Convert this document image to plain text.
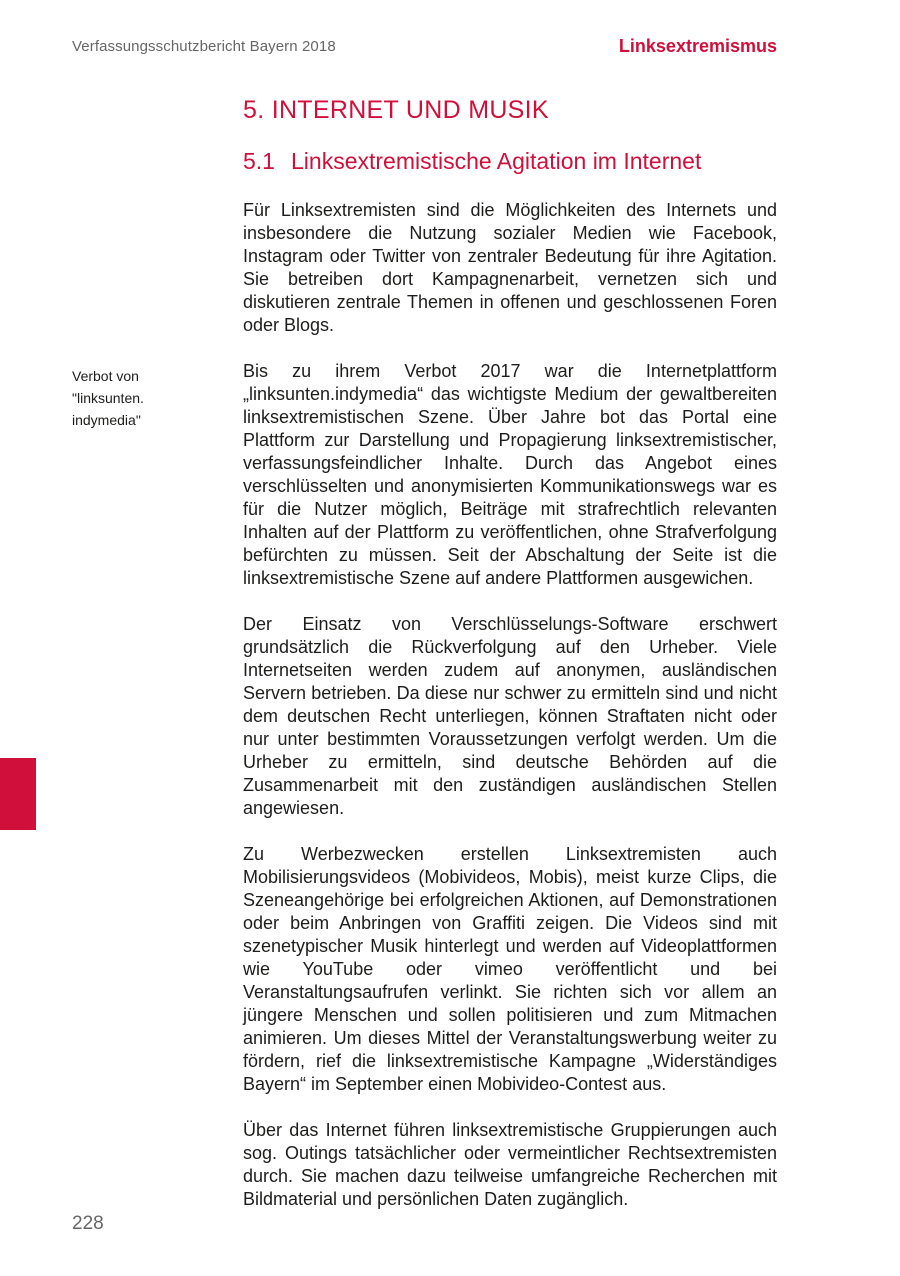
Verfassungsschutzbericht Bayern 2018	Linksextremismus
5. INTERNET UND MUSIK
5.1 Linksextremistische Agitation im Internet
Verbot von
"linksunten.
indymedia"

Für Linksextremisten sind die Möglichkeiten des Internets und insbesondere die Nutzung sozialer Medien wie Facebook, Instagram oder Twitter von zentraler Bedeutung für ihre Agitation. Sie betreiben dort Kampagnenarbeit, vernetzen sich und diskutieren zentrale Themen in offenen und geschlossenen Foren oder Blogs.

Bis zu ihrem Verbot 2017 war die Internetplattform „linksunten.indymedia“ das wichtigste Medium der gewaltbereiten linksextremistischen Szene. Über Jahre bot das Portal eine Plattform zur Darstellung und Propagierung linksextremistischer, verfassungsfeindlicher Inhalte. Durch das Angebot eines verschlüsselten und anonymisierten Kommunikationswegs war es für die Nutzer möglich, Beiträge mit strafrechtlich relevanten Inhalten auf der Plattform zu veröffentlichen, ohne Strafverfolgung befürchten zu müssen. Seit der Abschaltung der Seite ist die linksextremistische Szene auf andere Plattformen ausgewichen.

Der Einsatz von Verschlüsselungs-Software erschwert grundsätzlich die Rückverfolgung auf den Urheber. Viele Internetseiten werden zudem auf anonymen, ausländischen Servern betrieben. Da diese nur schwer zu ermitteln sind und nicht dem deutschen Recht unterliegen, können Straftaten nicht oder nur unter bestimmten Voraussetzungen verfolgt werden. Um die Urheber zu ermitteln, sind deutsche Behörden auf die Zusammenarbeit mit den zuständigen ausländischen Stellen angewiesen.

Zu Werbezwecken erstellen Linksextremisten auch Mobilisierungsvideos (Mobivideos, Mobis), meist kurze Clips, die Szeneangehörige bei erfolgreichen Aktionen, auf Demonstrationen oder beim Anbringen von Graffiti zeigen. Die Videos sind mit szenetypischer Musik hinterlegt und werden auf Videoplattformen wie YouTube oder vimeo veröffentlicht und bei Veranstaltungsaufrufen verlinkt. Sie richten sich vor allem an jüngere Menschen und sollen politisieren und zum Mitmachen animieren. Um dieses Mittel der Veranstaltungswerbung weiter zu fördern, rief die linksextremistische Kampagne „Widerständiges Bayern“ im September einen Mobivideo-Contest aus.

Über das Internet führen linksextremistische Gruppierungen auch sog. Outings tatsächlicher oder vermeintlicher Rechtsextremisten durch. Sie machen dazu teilweise umfangreiche Recherchen mit Bildmaterial und persönlichen Daten zugänglich.

228
